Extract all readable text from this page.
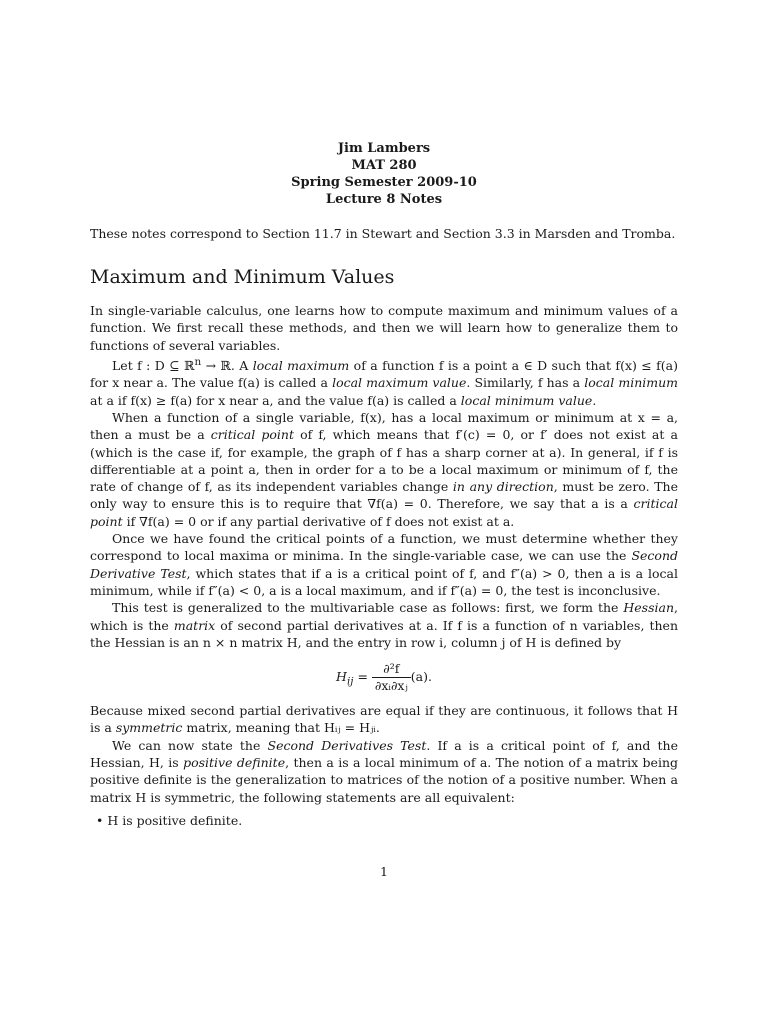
Jim Lambers
MAT 280
Spring Semester 2009-10
Lecture 8 Notes
These notes correspond to Section 11.7 in Stewart and Section 3.3 in Marsden and Tromba.
Maximum and Minimum Values

In single-variable calculus, one learns how to compute maximum and minimum values of a function. We first recall these methods, and then we will learn how to generalize them to functions of several variables.

Let f : D ⊆ ℝ$^n$ → ℝ. A local maximum of a function f is a point a ∈ D such that f(x) ≤ f(a) for x near a. The value f(a) is called a local maximum value. Similarly, f has a local minimum at a if f(x) ≥ f(a) for x near a, and the value f(a) is called a local minimum value.

When a function of a single variable, f(x), has a local maximum or minimum at x = a, then a must be a critical point of f, which means that f′(c) = 0, or f′ does not exist at a (which is the case if, for example, the graph of f has a sharp corner at a). In general, if f is differentiable at a point a, then in order for a to be a local maximum or minimum of f, the rate of change of f, as its independent variables change in any direction, must be zero. The only way to ensure this is to require that ∇f(a) = 0. Therefore, we say that a is a critical point if ∇f(a) = 0 or if any partial derivative of f does not exist at a.

Once we have found the critical points of a function, we must determine whether they correspond to local maxima or minima. In the single-variable case, we can use the Second Derivative Test, which states that if a is a critical point of f, and f″(a) > 0, then a is a local minimum, while if f″(a) < 0, a is a local maximum, and if f″(a) = 0, the test is inconclusive.

This test is generalized to the multivariable case as follows: first, we form the Hessian, which is the matrix of second partial derivatives at a. If f is a function of n variables, then the Hessian is an n × n matrix H, and the entry in row i, column j of H is defined by

$H_{ij} = \frac{\text{∂²f}}{\text{∂xᵢ∂xⱼ}} (a)$.

Because mixed second partial derivatives are equal if they are continuous, it follows that H is a symmetric matrix, meaning that Hᵢⱼ = Hⱼᵢ.

We can now state the Second Derivatives Test. If a is a critical point of f, and the Hessian, H, is positive definite, then a is a local minimum of a. The notion of a matrix being positive definite is the generalization to matrices of the notion of a positive number. When a matrix H is symmetric, the following statements are all equivalent:

• H is positive definite.
1
